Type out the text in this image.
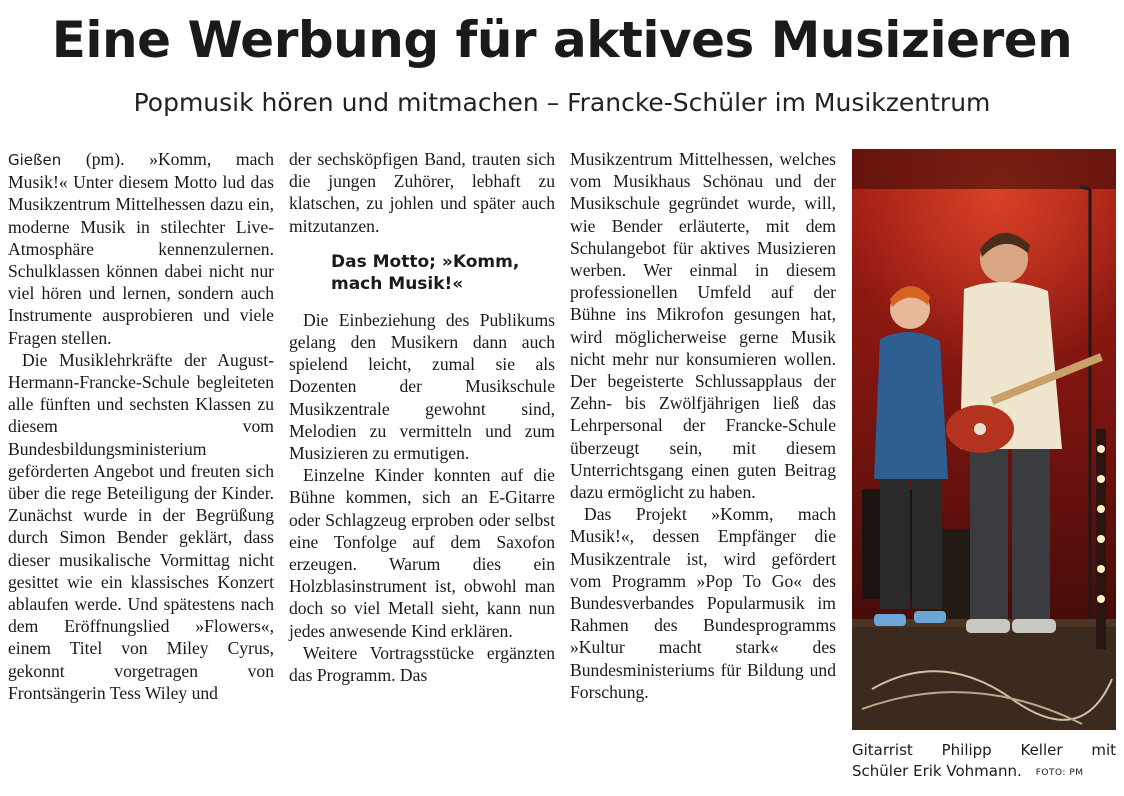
Eine Werbung für aktives Musizieren
Popmusik hören und mitmachen – Francke-Schüler im Musikzentrum

Gießen (pm). »Komm, mach Musik!« Unter diesem Motto lud das Musikzentrum Mittelhessen dazu ein, moderne Musik in stilechter Live-Atmosphäre kennenzulernen. Schulklassen können dabei nicht nur viel hören und lernen, sondern auch Instrumente ausprobieren und viele Fragen stellen.

Die Musiklehrkräfte der August-Hermann-Francke-Schule begleiteten alle fünften und sechsten Klassen zu diesem vom Bundesbildungsministerium geförderten Angebot und freuten sich über die rege Beteiligung der Kinder. Zunächst wurde in der Begrüßung durch Simon Bender geklärt, dass dieser musikalische Vormittag nicht gesittet wie ein klassisches Konzert ablaufen werde. Und spätestens nach dem Eröffnungslied »Flowers«, einem Titel von Miley Cyrus, gekonnt vorgetragen von Frontsängerin Tess Wiley und

der sechsköpfigen Band, trauten sich die jungen Zuhörer, lebhaft zu klatschen, zu johlen und später auch mitzutanzen.

Das Motto; »Komm, mach Musik!«

Die Einbeziehung des Publikums gelang den Musikern dann auch spielend leicht, zumal sie als Dozenten der Musikschule Musikzentrale gewohnt sind, Melodien zu vermitteln und zum Musizieren zu ermutigen.

Einzelne Kinder konnten auf die Bühne kommen, sich an E-Gitarre oder Schlagzeug erproben oder selbst eine Tonfolge auf dem Saxofon erzeugen. Warum dies ein Holzblasinstrument ist, obwohl man doch so viel Metall sieht, kann nun jedes anwesende Kind erklären.

Weitere Vortragsstücke ergänzten das Programm. Das

Musikzentrum Mittelhessen, welches vom Musikhaus Schönau und der Musikschule gegründet wurde, will, wie Bender erläuterte, mit dem Schulangebot für aktives Musizieren werben. Wer einmal in diesem professionellen Umfeld auf der Bühne ins Mikrofon gesungen hat, wird möglicherweise gerne Musik nicht mehr nur konsumieren wollen. Der begeisterte Schlussapplaus der Zehn- bis Zwölfjährigen ließ das Lehrpersonal der Francke-Schule überzeugt sein, mit diesem Unterrichtsgang einen guten Beitrag dazu ermöglicht zu haben.

Das Projekt »Komm, mach Musik!«, dessen Empfänger die Musikzentrale ist, wird gefördert vom Programm »Pop To Go« des Bundesverbandes Popularmusik im Rahmen des Bundesprogramms »Kultur macht stark« des Bundesministeriums für Bildung und Forschung.

Gitarrist Philipp Keller mit
Schüler Erik Vohmann. FOTO: PM
